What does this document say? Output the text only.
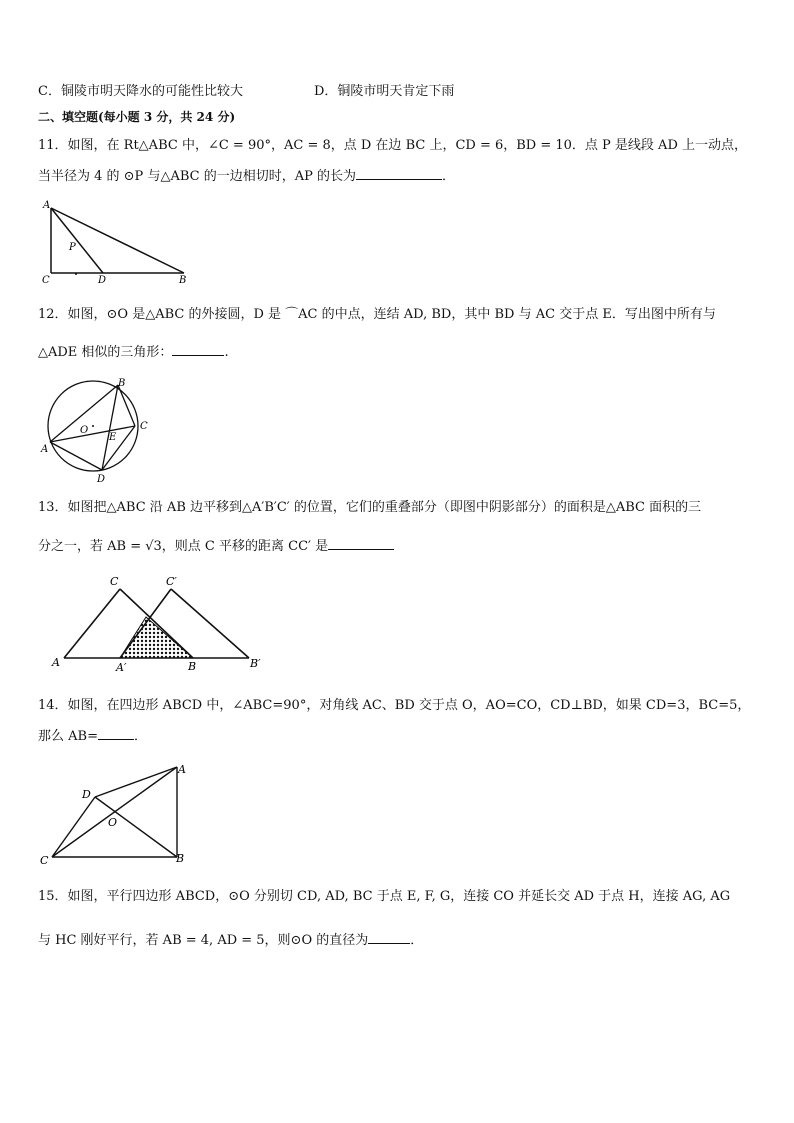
C．铜陵市明天降水的可能性比较大	D．铜陵市明天肯定下雨
二、填空题(每小题 3 分，共 24 分)
11．如图，在 Rt△ABC 中，∠C = 90°，AC = 8，点 D 在边 BC 上，CD = 6，BD = 10．点 P 是线段 AD 上一动点，
当半径为 4 的 ⊙P 与△ABC 的一边相切时，AP 的长为	．
A
C	D	B
P
12．如图，⊙O 是△ABC 的外接圆，D 是 ⌒AC 的中点，连结 AD, BD，其中 BD 与 AC 交于点 E．写出图中所有与
△ADE 相似的三角形：	.
B
C
A
D
E
O
13．如图把△ABC 沿 AB 边平移到△A′B′C′ 的位置，它们的重叠部分（即图中阴影部分）的面积是△ABC 面积的三
分之一，若 AB = √3，则点 C 平移的距离 CC′ 是
C	C′
A	A′	B	B′
14．如图，在四边形 ABCD 中，∠ABC=90°，对角线 AC、BD 交于点 O，AO=CO，CD⊥BD，如果 CD=3，BC=5，
那么 AB=	．
A
D
O
C	B
15．如图，平行四边形 ABCD，⊙O 分别切 CD, AD, BC 于点 E, F, G，连接 CO 并延长交 AD 于点 H，连接 AG, AG
与 HC 刚好平行，若 AB = 4, AD = 5，则⊙O 的直径为	．
